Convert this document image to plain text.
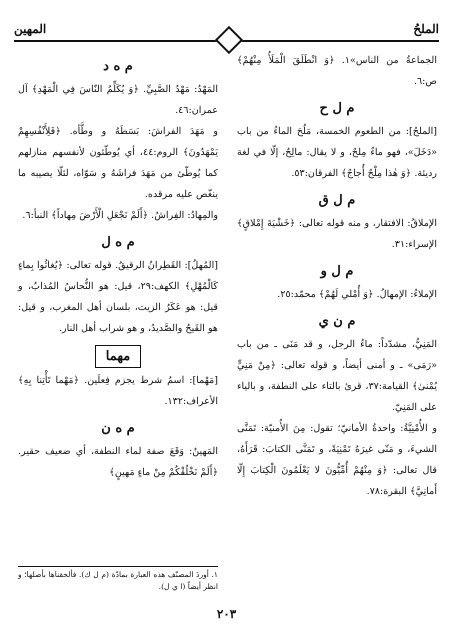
الملحُ
المهين

الجماعةُ من الناس»١. ﴿وَ انْطَلَقَ الْمَلَأُ مِنْهُمْ﴾ ص:٦.

م ل ح

[الملحُ]: من الطعوم الخمسة، مَلُحَ الماءُ من باب «دَخَلَ»، فهو ماءٌ مِلحٌ، و لا يقال: مالِحٌ، إلّا في لغة رديئة. ﴿وَ هٰذا مِلْحٌ أُجاجٌ﴾ الفرقان:٥٣.

م ل ق

الإملاقُ: الافتقار، و منه قوله تعالى: ﴿خَشْيَةَ إِمْلاقٍ﴾ الإسراء:٣١.

م ل و

الإملاءُ: الإمهالُ. ﴿وَ أُمْلي لَهُمْ﴾ محمّد:٢٥.

م ن ي

المَنِيُّ، مشدّداً: ماءُ الرجل، و قد مَنَى ـ من باب «رَمَى» ـ و أمنى أيضاً، و قوله تعالى: ﴿مِنْ مَنِيٍّ يُمْنىٰ﴾ القيامة:٣٧، قرئ بالتاء على النطفة، و بالياء على المَنِيّ.

و الأُمْنِيَّةُ: واحدةُ الأمانيّ؛ تقول: مِنَ الأُمنيّة: تَمَنَّى الشيءَ، و مَنّى غيرَهُ تَمْنِيَةً، و تَمَنَّى الكتابَ: قَرَأَهُ، قال تعالى: ﴿وَ مِنْهُمْ أُمِّيُّونَ لا يَعْلَمُونَ الْكِتابَ إِلّا أَمانِيَّ﴾ البقرة:٧٨.

م ه د

المَهْدُ: مَهْدُ الصَّبِيِّ. ﴿وَ يُكَلِّمُ النّاسَ فِي الْمَهْدِ﴾ آل عمران:٤٦.

و مَهَدَ الفراشَ: بَسَطَهُ و وطَّأه. ﴿فَلِأَنْفُسِهِمْ يَمْهَدُونَ﴾ الروم:٤٤، أي يُوطّئون لأنفسهم منازلهم كما يُوطّئ من مَهَدَ فراشَهُ و سَوّاه، لئلّا يصيبه ما ينغّص عليه مرقده.

والمِهادُ: الفِراشُ. ﴿أَلَمْ نَجْعَلِ الْأَرْضَ مِهاداً﴾ النبأ:٦.

م ه ل

[المُهلُ]: القَطِرانُ الرقيقُ. قوله تعالى: ﴿يُغاثُوا بِماءٍ كَالْمُهْلِ﴾ الكهف:٢٩، قيل: هو النُّحاسُ المُذابُ، و قيل: هو عَكَرُ الزيت، بلسان أهل المغرب، و قيل: هو القَيحُ والصَّديدُ، و هو شراب أهل النار.

مهما

[مَهْما]: اسمُ شرط يجزم فِعلَين. ﴿مَهْما تَأْتِنا بِهِ﴾ الأعراف:١٣٢.

م ه ن

المَهينُ: وَقَعَ صفة لماء النطفة، أي ضعيف حقير. ﴿أَلَمْ نَخْلُقْكُمْ مِنْ ماءٍ مَهينٍ﴾

١. أوردَ المصنّف هذه العبارة بمادّة (م ل ك). فألحقناها بأصلها؛ و انظر أيضاً (ا ي ل).
٢٠٣
